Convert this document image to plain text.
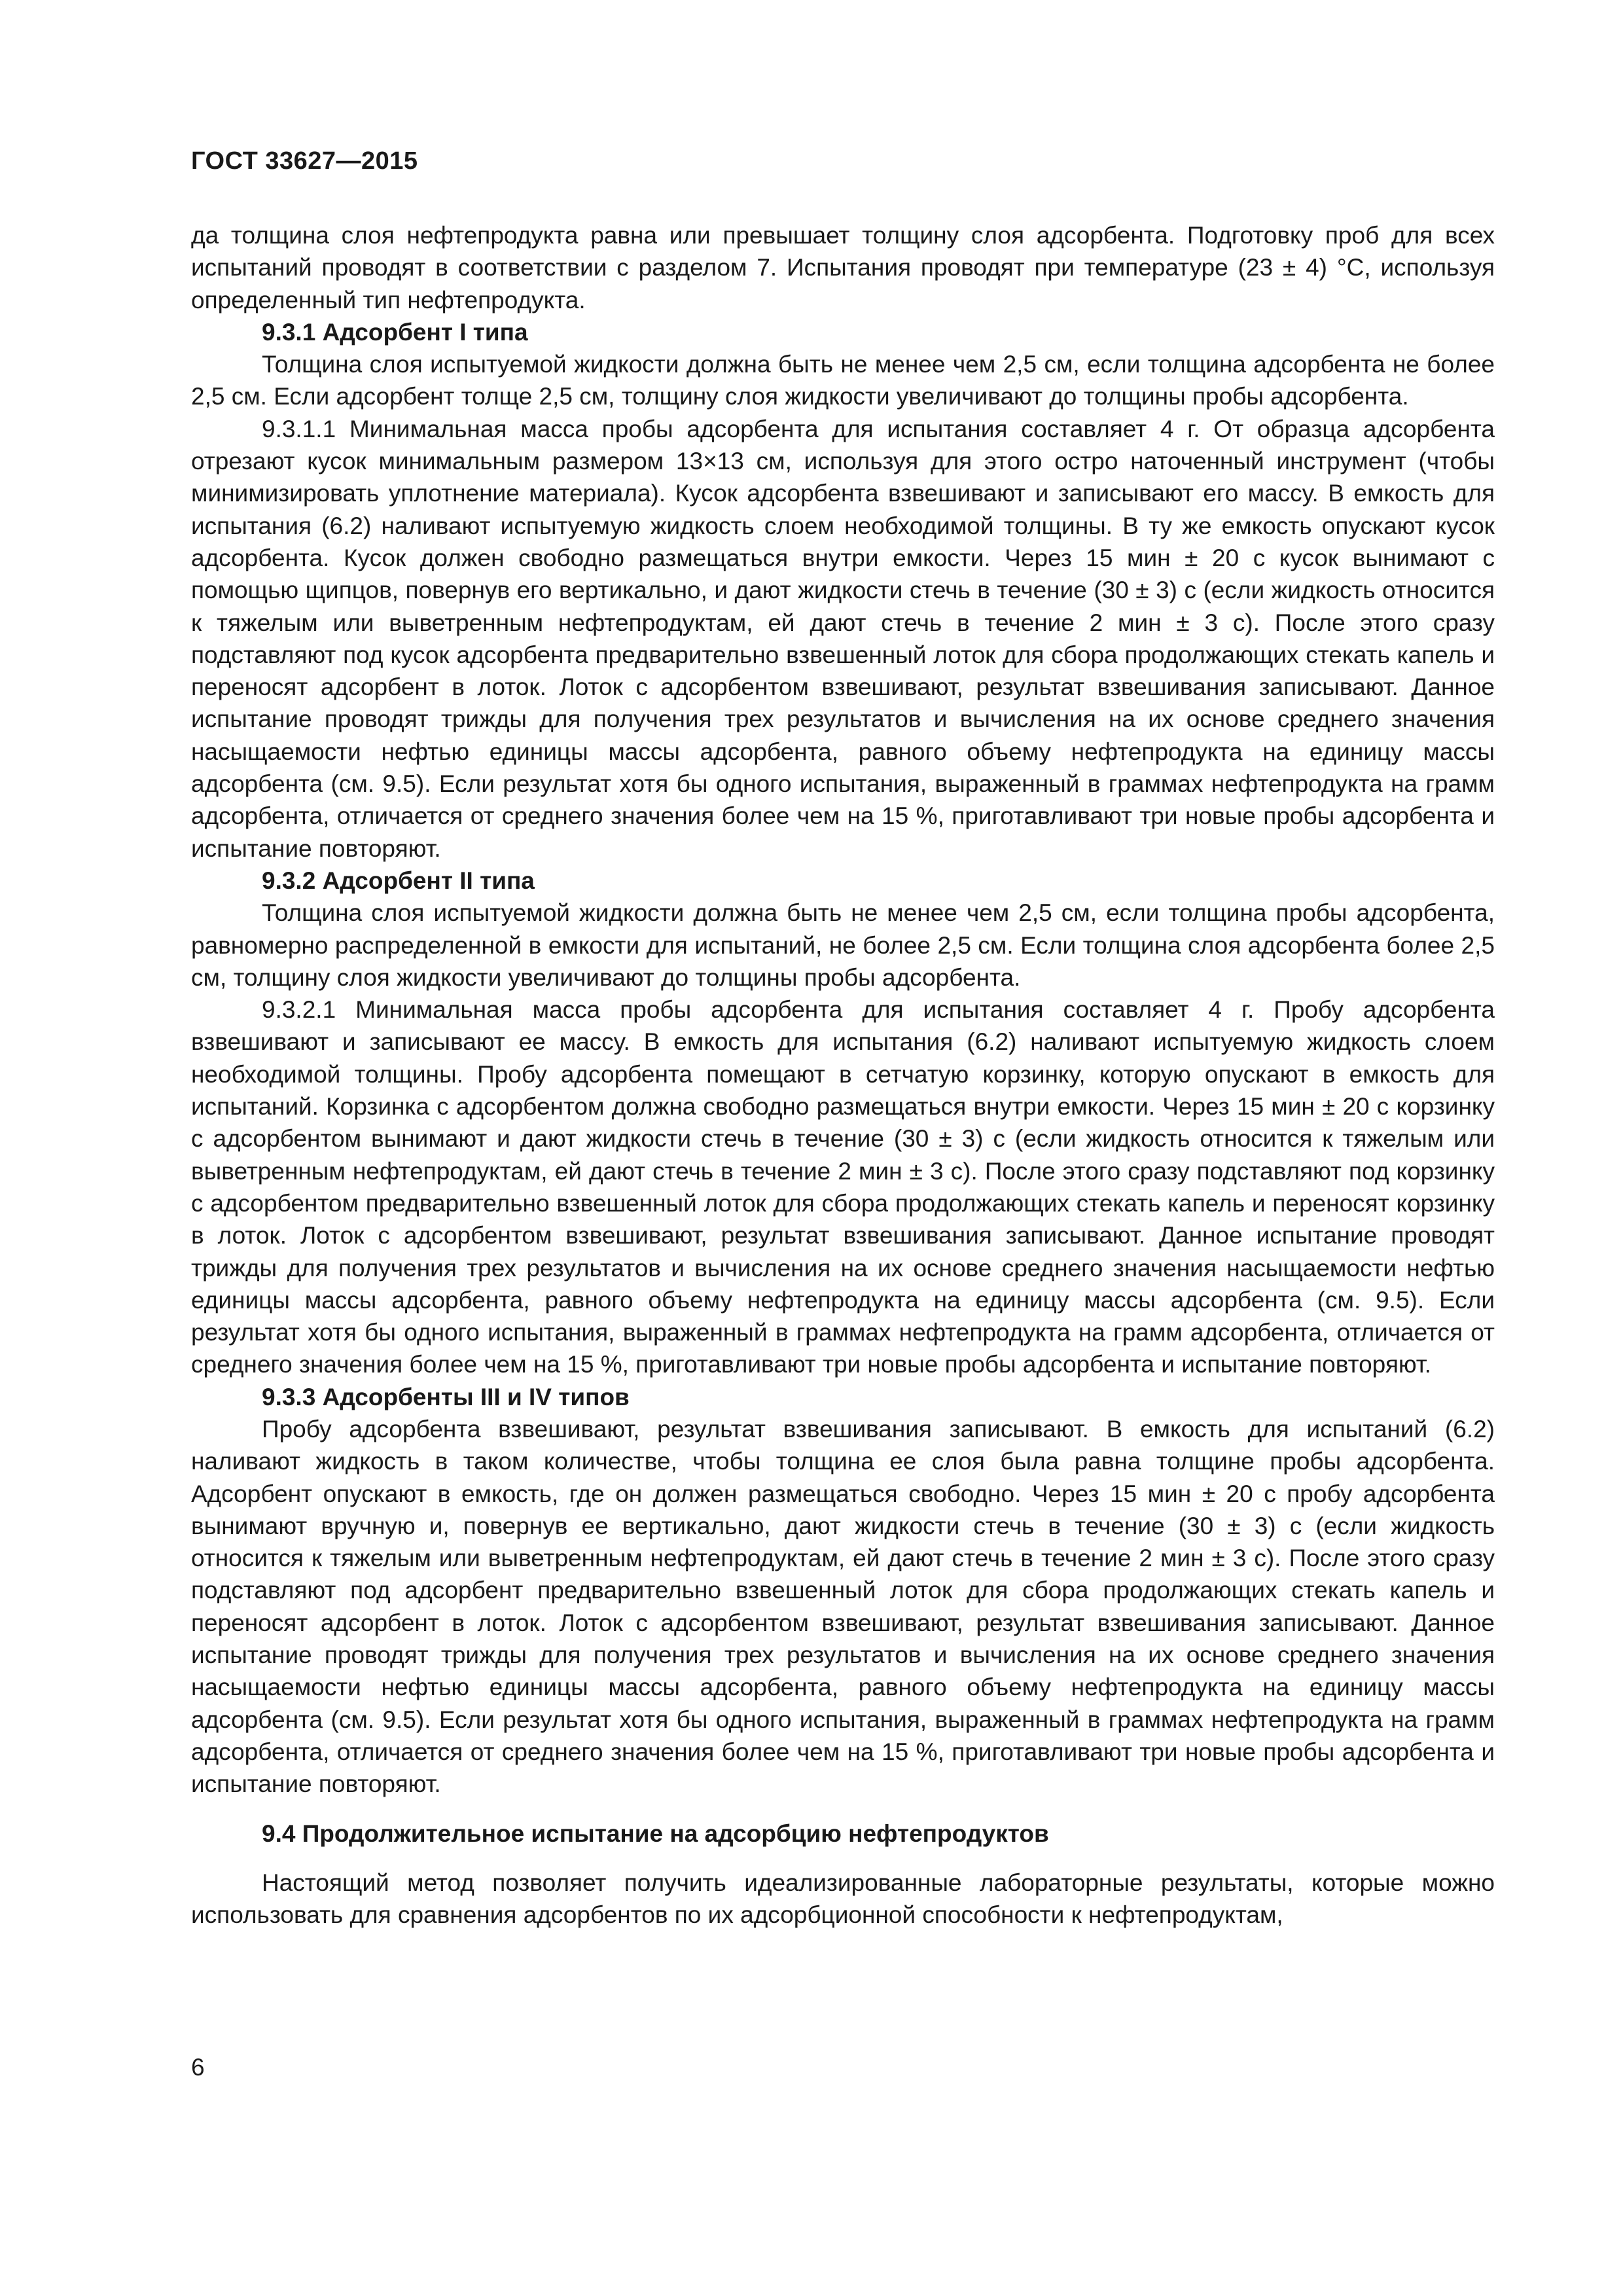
ГОСТ 33627—2015

да толщина слоя нефтепродукта равна или превышает толщину слоя адсорбента. Подготовку проб для всех испытаний проводят в соответствии с разделом 7. Испытания проводят при температуре (23 ± 4) °С, используя определенный тип нефтепродукта.

9.3.1 Адсорбент I типа

Толщина слоя испытуемой жидкости должна быть не менее чем 2,5 см, если толщина адсорбента не более 2,5 см. Если адсорбент толще 2,5 см, толщину слоя жидкости увеличивают до толщины пробы адсорбента.

9.3.1.1 Минимальная масса пробы адсорбента для испытания составляет 4 г. От образца адсорбента отрезают кусок минимальным размером 13×13 см, используя для этого остро наточенный инструмент (чтобы минимизировать уплотнение материала). Кусок адсорбента взвешивают и записывают его массу. В емкость для испытания (6.2) наливают испытуемую жидкость слоем необходимой толщины. В ту же емкость опускают кусок адсорбента. Кусок должен свободно размещаться внутри емкости. Через 15 мин ± 20 с кусок вынимают с помощью щипцов, повернув его вертикально, и дают жидкости стечь в течение (30 ± 3) с (если жидкость относится к тяжелым или выветренным нефтепродуктам, ей дают стечь в течение 2 мин ± 3 с). После этого сразу подставляют под кусок адсорбента предварительно взвешенный лоток для сбора продолжающих стекать капель и переносят адсорбент в лоток. Лоток с адсорбентом взвешивают, результат взвешивания записывают. Данное испытание проводят трижды для получения трех результатов и вычисления на их основе среднего значения насыщаемости нефтью единицы массы адсорбента, равного объему нефтепродукта на единицу массы адсорбента (см. 9.5). Если результат хотя бы одного испытания, выраженный в граммах нефтепродукта на грамм адсорбента, отличается от среднего значения более чем на 15 %, приготавливают три новые пробы адсорбента и испытание повторяют.

9.3.2 Адсорбент II типа

Толщина слоя испытуемой жидкости должна быть не менее чем 2,5 см, если толщина пробы адсорбента, равномерно распределенной в емкости для испытаний, не более 2,5 см. Если толщина слоя адсорбента более 2,5 см, толщину слоя жидкости увеличивают до толщины пробы адсорбента.

9.3.2.1 Минимальная масса пробы адсорбента для испытания составляет 4 г. Пробу адсорбента взвешивают и записывают ее массу. В емкость для испытания (6.2) наливают испытуемую жидкость слоем необходимой толщины. Пробу адсорбента помещают в сетчатую корзинку, которую опускают в емкость для испытаний. Корзинка с адсорбентом должна свободно размещаться внутри емкости. Через 15 мин ± 20 с корзинку с адсорбентом вынимают и дают жидкости стечь в течение (30 ± 3) с (если жидкость относится к тяжелым или выветренным нефтепродуктам, ей дают стечь в течение 2 мин ± 3 с). После этого сразу подставляют под корзинку с адсорбентом предварительно взвешенный лоток для сбора продолжающих стекать капель и переносят корзинку в лоток. Лоток с адсорбентом взвешивают, результат взвешивания записывают. Данное испытание проводят трижды для получения трех результатов и вычисления на их основе среднего значения насыщаемости нефтью единицы массы адсорбента, равного объему нефтепродукта на единицу массы адсорбента (см. 9.5). Если результат хотя бы одного испытания, выраженный в граммах нефтепродукта на грамм адсорбента, отличается от среднего значения более чем на 15 %, приготавливают три новые пробы адсорбента и испытание повторяют.

9.3.3 Адсорбенты III и IV типов

Пробу адсорбента взвешивают, результат взвешивания записывают. В емкость для испытаний (6.2) наливают жидкость в таком количестве, чтобы толщина ее слоя была равна толщине пробы адсорбента. Адсорбент опускают в емкость, где он должен размещаться свободно. Через 15 мин ± 20 с пробу адсорбента вынимают вручную и, повернув ее вертикально, дают жидкости стечь в течение (30 ± 3) с (если жидкость относится к тяжелым или выветренным нефтепродуктам, ей дают стечь в течение 2 мин ± 3 с). После этого сразу подставляют под адсорбент предварительно взвешенный лоток для сбора продолжающих стекать капель и переносят адсорбент в лоток. Лоток с адсорбентом взвешивают, результат взвешивания записывают. Данное испытание проводят трижды для получения трех результатов и вычисления на их основе среднего значения насыщаемости нефтью единицы массы адсорбента, равного объему нефтепродукта на единицу массы адсорбента (см. 9.5). Если результат хотя бы одного испытания, выраженный в граммах нефтепродукта на грамм адсорбента, отличается от среднего значения более чем на 15 %, приготавливают три новые пробы адсорбента и испытание повторяют.

9.4 Продолжительное испытание на адсорбцию нефтепродуктов

Настоящий метод позволяет получить идеализированные лабораторные результаты, которые можно использовать для сравнения адсорбентов по их адсорбционной способности к нефтепродуктам,

6
